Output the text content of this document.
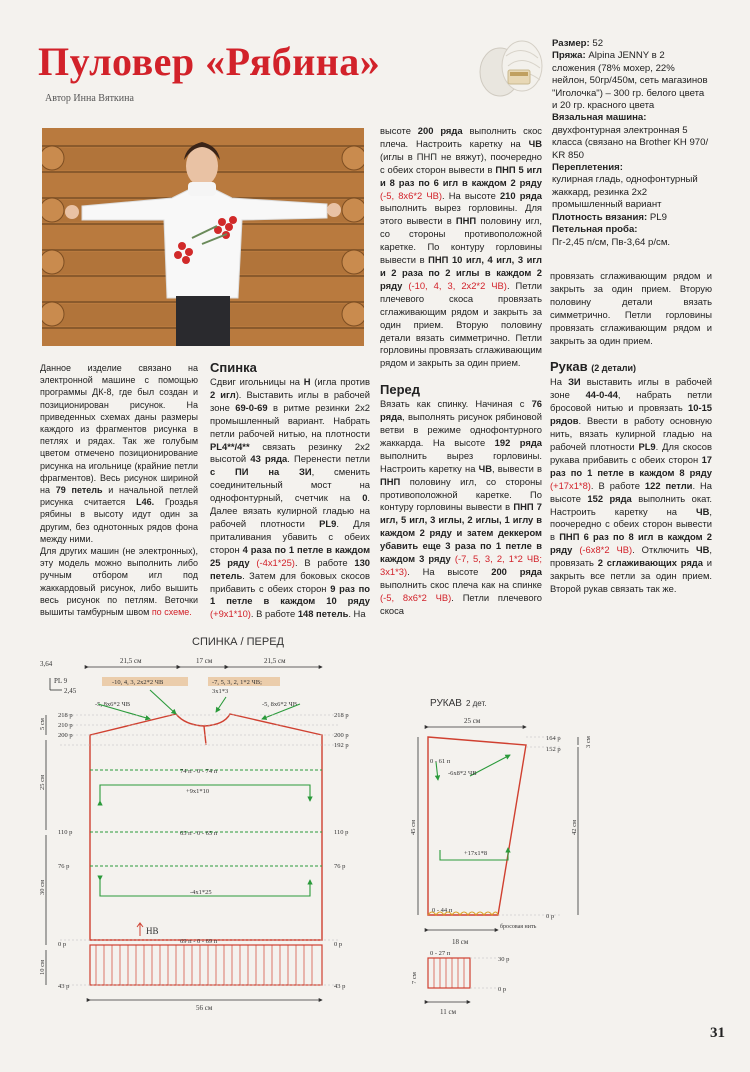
Пуловер «Рябина»
Автор Инна Вяткина
Размер: 52
Пряжа: Alpina JENNY в 2 сложения (78% мохер, 22% нейлон, 50гр/450м, сеть магазинов "Иголочка") – 300 гр. белого цвета и 20 гр. красного цвета
Вязальная машина:
двухфонтурная электронная 5 класса (связано на Brother KH 970/ KR 850
Переплетения:
кулирная гладь, однофонтурный жаккард, резинка 2х2 промышленный вариант
Плотность вязания: PL9
Петельная проба:
Пг-2,45 п/см, Пв-3,64 р/см.

Данное изделие связано на электронной машине с помощью программы ДК-8, где был создан и позиционирован рисунок. На приведенных схемах даны размеры каждого из фрагментов рисунка в петлях и рядах. Так же голубым цветом отмечено позиционирование рисунка на игольнице (крайние петли фрагментов). Весь рисунок шириной на 79 петель и начальной петлей рисунка считается L46. Гроздья рябины в высоту идут один за другим, без однотонных рядов фона между ними.

Для других машин (не электронных), эту модель можно выполнить либо ручным отбором игл под жаккардовый рисунок, либо вышить весь рисунок по петлям. Веточки вышиты тамбурным швом по схеме.

Спинка

Сдвиг игольницы на Н (игла против 2 игл). Выставить иглы в рабочей зоне 69-0-69 в ритме резинки 2х2 промышленный вариант. Набрать петли рабочей нитью, на плотности PL4**/4** связать резинку 2х2 высотой 43 ряда. Перенести петли с ПИ на ЗИ, сменить соединительный мост на однофонтурный, счетчик на 0. Далее вязать кулирной гладью на рабочей плотности PL9. Для приталивания убавить с обеих сторон 4 раза по 1 петле в каждом 25 ряду (-4х1*25). В работе 130 петель. Затем для боковых скосов прибавить с обеих сторон 9 раз по 1 петле в каждом 10 ряду (+9х1*10). В работе 148 петель. На

высоте 200 ряда выполнить скос плеча. Настроить каретку на ЧВ (иглы в ПНП не вяжут), поочередно с обеих сторон вывести в ПНП 5 игл и 8 раз по 6 игл в каждом 2 ряду (-5, 8х6*2 ЧВ). На высоте 210 ряда выполнить вырез горловины. Для этого вывести в ПНП половину игл, со стороны противоположной каретке. По контуру горловины вывести в ПНП 10 игл, 4 игл, 3 игл и 2 раза по 2 иглы в каждом 2 ряду (-10, 4, 3, 2х2*2 ЧВ). Петли плечевого скоса провязать сглаживающим рядом и закрыть за один прием. Вторую половину детали вязать симметрично. Петли горловины провязать сглаживающим рядом и закрыть за один прием.

Перед

Вязать как спинку. Начиная с 76 ряда, выполнять рисунок рябиновой ветви в режиме однофонтурного жаккарда. На высоте 192 ряда выполнить вырез горловины. Настроить каретку на ЧВ, вывести в ПНП половину игл, со стороны противоположной каретке. По контуру горловины вывести в ПНП 7 игл, 5 игл, 3 иглы, 2 иглы, 1 иглу в каждом 2 ряду и затем деккером убавить еще 3 раза по 1 петле в каждом 3 ряду (-7, 5, 3, 2, 1*2 ЧВ; 3х1*3). На высоте 200 ряда выполнить скос плеча как на спинке (-5, 8х6*2 ЧВ). Петли плечевого скоса

провязать сглаживающим рядом и закрыть за один прием. Вторую половину детали вязать симметрично. Петли горловины провязать сглаживающим рядом и закрыть за один прием.

Рукав (2 детали)

На ЗИ выставить иглы в рабочей зоне 44-0-44, набрать петли бросовой нитью и провязать 10-15 рядов. Ввести в работу основную нить, вязать кулирной гладью на рабочей плотности PL9. Для скосов рукава прибавить с обеих сторон 17 раз по 1 петле в каждом 8 ряду (+17х1*8). В работе 122 петли. На высоте 152 ряда выполнить окат. Настроить каретку на ЧВ, поочередно с обеих сторон вывести в ПНП 6 раз по 8 игл в каждом 2 ряду (-6х8*2 ЧВ). Отключить ЧВ, провязать 2 сглаживающих ряда и закрыть все петли за один прием. Второй рукав связать так же.

СПИНКА / ПЕРЕД
21,5 см	17 см	21,5 см
3,64
PL 9
2,45
-10, 4, 3, 2х2*2 ЧВ	-7, 5, 3, 2, 1*2 ЧВ;
3х1*3
-5, 8х6*2 ЧВ	-5, 8х6*2 ЧВ
218 р
210 р
200 р
110 р
76 р
0 р
43 р
218 р
200 р
192 р
110 р
76 р
0 р
43 р
5 см
25 см
30 см
10 см
74 п - 0 - 74 п
+9х1*10
65 п - 0 - 65 п
-4х1*25
69 п - 0 - 69 п
НВ
56 см
РУКАВ 2 дет.
25 см
бросовая нить
0 - 61 п
-6х8*2 ЧВ
164 р
152 р
+17х1*8
0 - 44 п
0 р
18 см
45 см	42 см
3 см
0 - 27 п
30 р
0 р
7 см
11 см
31
